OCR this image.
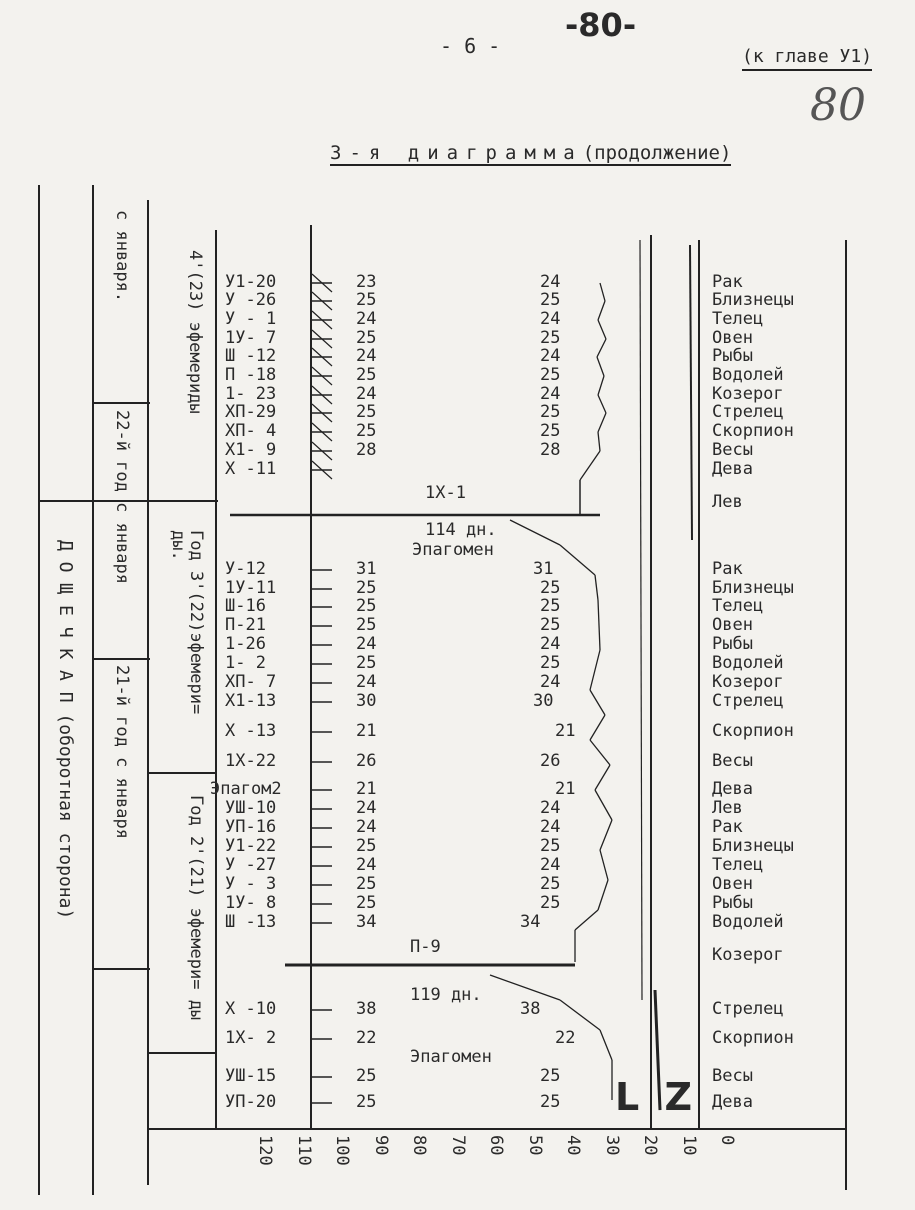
-80-
- 6 -	(к главе У1)
80
3-я диаграмма(продолжение)
Д О Щ Е Ч К А П (оборотная сторона)
с января.
22-й год с января
21-й год с января
4'(23) эфемериды
Год 3'(22)эфемери= ды.
Год 2'(21) эфемери= ды
1Х-1
114 дн.
Эпагомен
П-9
119 дн.
Эпагомен
У1-20	23	24	Рак
У -26	25	25	Близнецы
У - 1	24	24	Телец
1У- 7	25	25	Овен
Ш -12	24	24	Рыбы
П -18	25	25	Водолей
1- 23	24	24	Козерог
ХП-29	25	25	Стрелец
ХП- 4	25	25	Скорпион
Х1- 9	28	28	Весы
Х -11	Дева
Лев
У-12	31	31	Рак
1У-11	25	25	Близнецы
Ш-16	25	25	Телец
П-21	25	25	Овен
1-26	24	24	Рыбы
1- 2	25	25	Водолей
ХП- 7	24	24	Козерог
Х1-13	30	30	Стрелец
Х -13	21	21	Скорпион
1Х-22	26	26	Весы
Эпагом2	21	21	Дева
УШ-10	24	24	Лев
УП-16	24	24	Рак
У1-22	25	25	Близнецы
У -27	24	24	Телец
У - 3	25	25	Овен
1У- 8	25	25	Рыбы
Ш -13	34	34	Водолей
Козерог
Х -10	38	38	Стрелец
1Х- 2	22	22	Скорпион
УШ-15	25	25	Весы
УП-20	25	25	Дева
120 110 100 90 80 70 60 50 40 30 20 10 0
L Z
